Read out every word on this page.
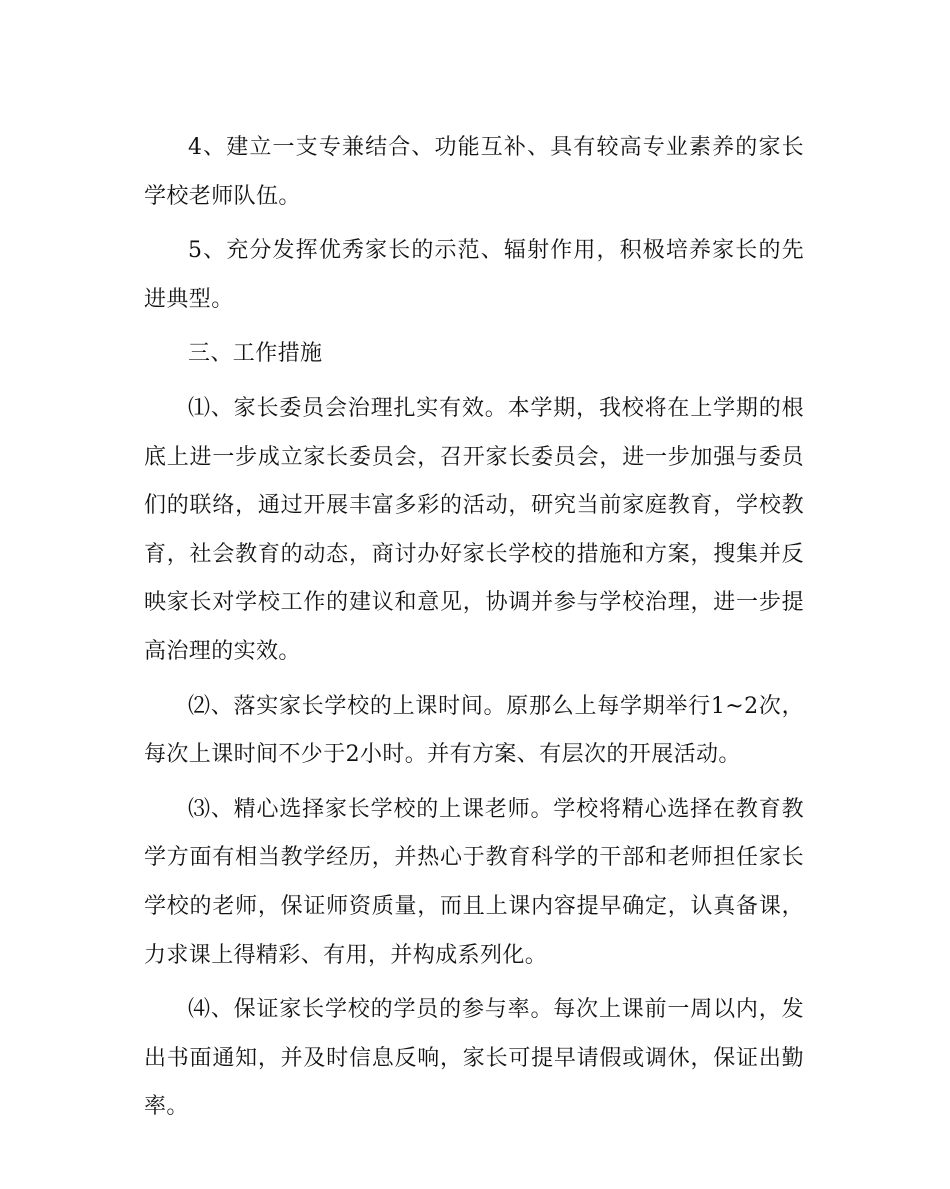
4、建立一支专兼结合、功能互补、具有较高专业素养的家长学校老师队伍。

5、充分发挥优秀家长的示范、辐射作用，积极培养家长的先进典型。

三、工作措施

⑴、家长委员会治理扎实有效。本学期，我校将在上学期的根底上进一步成立家长委员会，召开家长委员会，进一步加强与委员们的联络，通过开展丰富多彩的活动，研究当前家庭教育，学校教育，社会教育的动态，商讨办好家长学校的措施和方案，搜集并反映家长对学校工作的建议和意见，协调并参与学校治理，进一步提高治理的实效。

⑵、落实家长学校的上课时间。原那么上每学期举行1~2次，每次上课时间不少于2小时。并有方案、有层次的开展活动。

⑶、精心选择家长学校的上课老师。学校将精心选择在教育教学方面有相当教学经历，并热心于教育科学的干部和老师担任家长学校的老师，保证师资质量，而且上课内容提早确定，认真备课，力求课上得精彩、有用，并构成系列化。

⑷、保证家长学校的学员的参与率。每次上课前一周以内，发出书面通知，并及时信息反响，家长可提早请假或调休，保证出勤率。
